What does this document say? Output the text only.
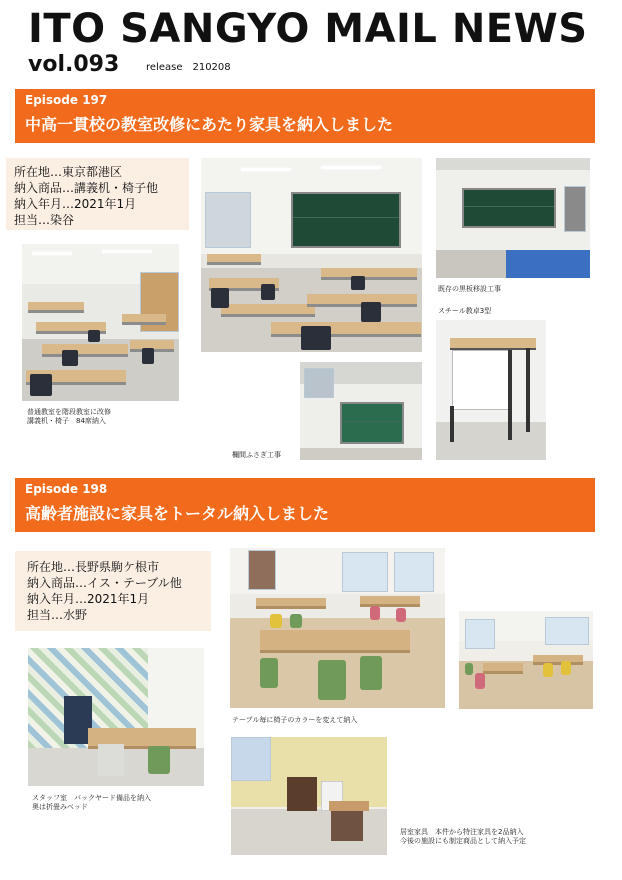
ITO SANGYO MAIL NEWS
vol.093	release 210208
Episode 197
中高一貫校の教室改修にあたり家具を納入しました
所在地…東京都港区
納入商品…講義机・椅子他
納入年月…2021年1月
担当…染谷
普通教室を階段教室に改修
講義机・椅子　84席納入
既存の黒板移設工事
スチール教卓3型
欄間ふさぎ工事
Episode 198
高齢者施設に家具をトータル納入しました
所在地…長野県駒ケ根市
納入商品…イス・テーブル他
納入年月…2021年1月
担当…水野
テーブル毎に椅子のカラーを変えて納入
スタッフ室　バックヤード備品を納入
奥は折畳みベッド
居室家具　本件から特注家具を2品納入
今後の施設にも制定商品として納入予定
